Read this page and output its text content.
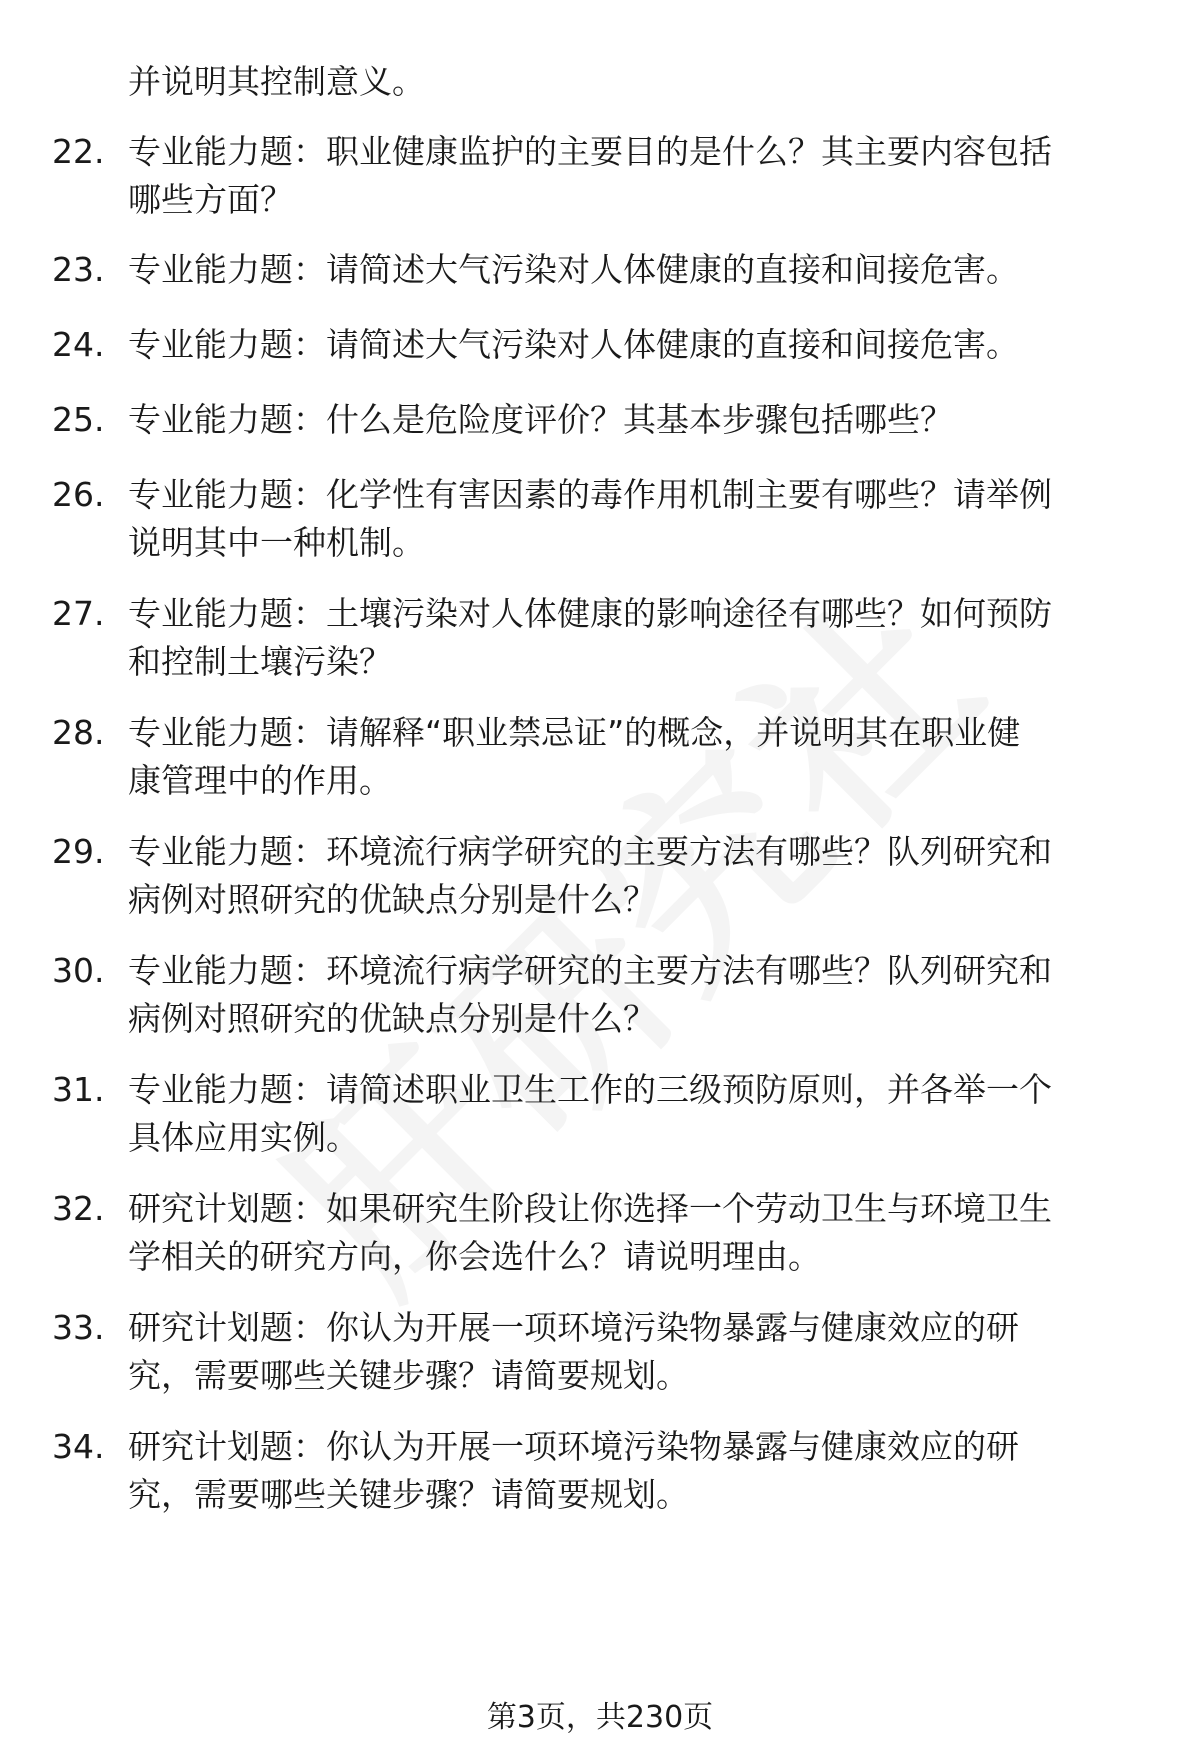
并说明其控制意义。
22. 专业能力题：职业健康监护的主要目的是什么？其主要内容包括
哪些方面？
23. 专业能力题：请简述大气污染对人体健康的直接和间接危害。
24. 专业能力题：请简述大气污染对人体健康的直接和间接危害。
25. 专业能力题：什么是危险度评价？其基本步骤包括哪些？
26. 专业能力题：化学性有害因素的毒作用机制主要有哪些？请举例
说明其中一种机制。
27. 专业能力题：土壤污染对人体健康的影响途径有哪些？如何预防
和控制土壤污染？
28. 专业能力题：请解释“职业禁忌证”的概念，并说明其在职业健
康管理中的作用。
29. 专业能力题：环境流行病学研究的主要方法有哪些？队列研究和
病例对照研究的优缺点分别是什么？
30. 专业能力题：环境流行病学研究的主要方法有哪些？队列研究和
病例对照研究的优缺点分别是什么？
31. 专业能力题：请简述职业卫生工作的三级预防原则，并各举一个
具体应用实例。
32. 研究计划题：如果研究生阶段让你选择一个劳动卫生与环境卫生
学相关的研究方向，你会选什么？请说明理由。
33. 研究计划题：你认为开展一项环境污染物暴露与健康效应的研
究，需要哪些关键步骤？请简要规划。
34. 研究计划题：你认为开展一项环境污染物暴露与健康效应的研
究，需要哪些关键步骤？请简要规划。
第3页，共230页
